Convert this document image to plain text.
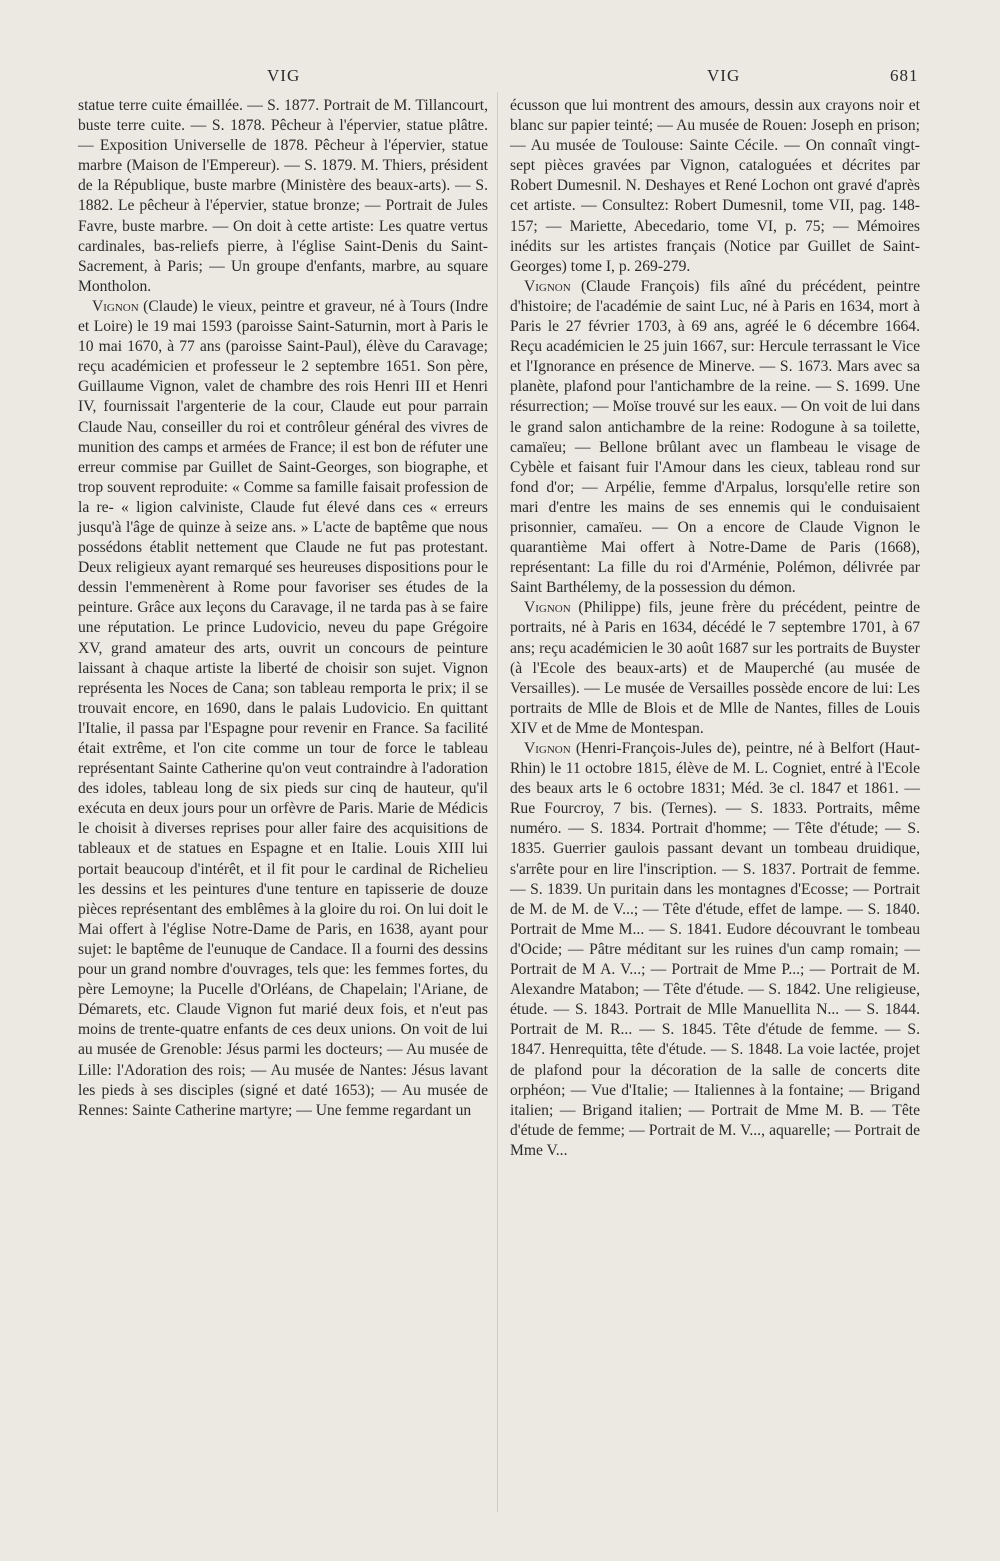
VIG	VIG	681

statue terre cuite émaillée. — S. 1877. Portrait de M. Tillancourt, buste terre cuite. — S. 1878. Pêcheur à l'épervier, statue plâtre. — Exposition Universelle de 1878. Pêcheur à l'épervier, statue marbre (Maison de l'Empereur). — S. 1879. M. Thiers, président de la République, buste marbre (Ministère des beaux-arts). — S. 1882. Le pêcheur à l'épervier, statue bronze; — Portrait de Jules Favre, buste marbre. — On doit à cette artiste: Les quatre vertus cardinales, bas-reliefs pierre, à l'église Saint-Denis du Saint-Sacrement, à Paris; — Un groupe d'enfants, marbre, au square Montholon.

Vignon (Claude) le vieux, peintre et graveur, né à Tours (Indre et Loire) le 19 mai 1593 (paroisse Saint-Saturnin, mort à Paris le 10 mai 1670, à 77 ans (paroisse Saint-Paul), élève du Caravage; reçu académicien et professeur le 2 septembre 1651. Son père, Guillaume Vignon, valet de chambre des rois Henri III et Henri IV, fournissait l'argenterie de la cour, Claude eut pour parrain Claude Nau, conseiller du roi et contrôleur général des vivres de munition des camps et armées de France; il est bon de réfuter une erreur commise par Guillet de Saint-Georges, son biographe, et trop souvent reproduite: « Comme sa famille faisait profession de la re- « ligion calviniste, Claude fut élevé dans ces « erreurs jusqu'à l'âge de quinze à seize ans. » L'acte de baptême que nous possédons établit nettement que Claude ne fut pas protestant. Deux religieux ayant remarqué ses heureuses dispositions pour le dessin l'emmenèrent à Rome pour favoriser ses études de la peinture. Grâce aux leçons du Caravage, il ne tarda pas à se faire une réputation. Le prince Ludovicio, neveu du pape Grégoire XV, grand amateur des arts, ouvrit un concours de peinture laissant à chaque artiste la liberté de choisir son sujet. Vignon représenta les Noces de Cana; son tableau remporta le prix; il se trouvait encore, en 1690, dans le palais Ludovicio. En quittant l'Italie, il passa par l'Espagne pour revenir en France. Sa facilité était extrême, et l'on cite comme un tour de force le tableau représentant Sainte Catherine qu'on veut contraindre à l'adoration des idoles, tableau long de six pieds sur cinq de hauteur, qu'il exécuta en deux jours pour un orfèvre de Paris. Marie de Médicis le choisit à diverses reprises pour aller faire des acquisitions de tableaux et de statues en Espagne et en Italie. Louis XIII lui portait beaucoup d'intérêt, et il fit pour le cardinal de Richelieu les dessins et les peintures d'une tenture en tapisserie de douze pièces représentant des emblêmes à la gloire du roi. On lui doit le Mai offert à l'église Notre-Dame de Paris, en 1638, ayant pour sujet: le baptême de l'eunuque de Candace. Il a fourni des dessins pour un grand nombre d'ouvrages, tels que: les femmes fortes, du père Lemoyne; la Pucelle d'Orléans, de Chapelain; l'Ariane, de Démarets, etc. Claude Vignon fut marié deux fois, et n'eut pas moins de trente-quatre enfants de ces deux unions. On voit de lui au musée de Grenoble: Jésus parmi les docteurs; — Au musée de Lille: l'Adoration des rois; — Au musée de Nantes: Jésus lavant les pieds à ses disciples (signé et daté 1653); — Au musée de Rennes: Sainte Catherine martyre; — Une femme regardant un

écusson que lui montrent des amours, dessin aux crayons noir et blanc sur papier teinté; — Au musée de Rouen: Joseph en prison; — Au musée de Toulouse: Sainte Cécile. — On connaît vingt-sept pièces gravées par Vignon, cataloguées et décrites par Robert Dumesnil. N. Deshayes et René Lochon ont gravé d'après cet artiste. — Consultez: Robert Dumesnil, tome VII, pag. 148-157; — Mariette, Abecedario, tome VI, p. 75; — Mémoires inédits sur les artistes français (Notice par Guillet de Saint-Georges) tome I, p. 269-279.

Vignon (Claude François) fils aîné du précédent, peintre d'histoire; de l'académie de saint Luc, né à Paris en 1634, mort à Paris le 27 février 1703, à 69 ans, agréé le 6 décembre 1664. Reçu académicien le 25 juin 1667, sur: Hercule terrassant le Vice et l'Ignorance en présence de Minerve. — S. 1673. Mars avec sa planète, plafond pour l'antichambre de la reine. — S. 1699. Une résurrection; — Moïse trouvé sur les eaux. — On voit de lui dans le grand salon antichambre de la reine: Rodogune à sa toilette, camaïeu; — Bellone brûlant avec un flambeau le visage de Cybèle et faisant fuir l'Amour dans les cieux, tableau rond sur fond d'or; — Arpélie, femme d'Arpalus, lorsqu'elle retire son mari d'entre les mains de ses ennemis qui le conduisaient prisonnier, camaïeu. — On a encore de Claude Vignon le quarantième Mai offert à Notre-Dame de Paris (1668), représentant: La fille du roi d'Arménie, Polémon, délivrée par Saint Barthélemy, de la possession du démon.

Vignon (Philippe) fils, jeune frère du précédent, peintre de portraits, né à Paris en 1634, décédé le 7 septembre 1701, à 67 ans; reçu académicien le 30 août 1687 sur les portraits de Buyster (à l'Ecole des beaux-arts) et de Mauperché (au musée de Versailles). — Le musée de Versailles possède encore de lui: Les portraits de Mlle de Blois et de Mlle de Nantes, filles de Louis XIV et de Mme de Montespan.

Vignon (Henri-François-Jules de), peintre, né à Belfort (Haut-Rhin) le 11 octobre 1815, élève de M. L. Cogniet, entré à l'Ecole des beaux arts le 6 octobre 1831; Méd. 3e cl. 1847 et 1861. — Rue Fourcroy, 7 bis. (Ternes). — S. 1833. Portraits, même numéro. — S. 1834. Portrait d'homme; — Tête d'étude; — S. 1835. Guerrier gaulois passant devant un tombeau druidique, s'arrête pour en lire l'inscription. — S. 1837. Portrait de femme. — S. 1839. Un puritain dans les montagnes d'Ecosse; — Portrait de M. de M. de V...; — Tête d'étude, effet de lampe. — S. 1840. Portrait de Mme M... — S. 1841. Eudore découvrant le tombeau d'Ocide; — Pâtre méditant sur les ruines d'un camp romain; — Portrait de M A. V...; — Portrait de Mme P...; — Portrait de M. Alexandre Matabon; — Tête d'étude. — S. 1842. Une religieuse, étude. — S. 1843. Portrait de Mlle Manuellita N... — S. 1844. Portrait de M. R... — S. 1845. Tête d'étude de femme. — S. 1847. Henrequitta, tête d'étude. — S. 1848. La voie lactée, projet de plafond pour la décoration de la salle de concerts dite orphéon; — Vue d'Italie; — Italiennes à la fontaine; — Brigand italien; — Brigand italien; — Portrait de Mme M. B. — Tête d'étude de femme; — Portrait de M. V..., aquarelle; — Portrait de Mme V...
